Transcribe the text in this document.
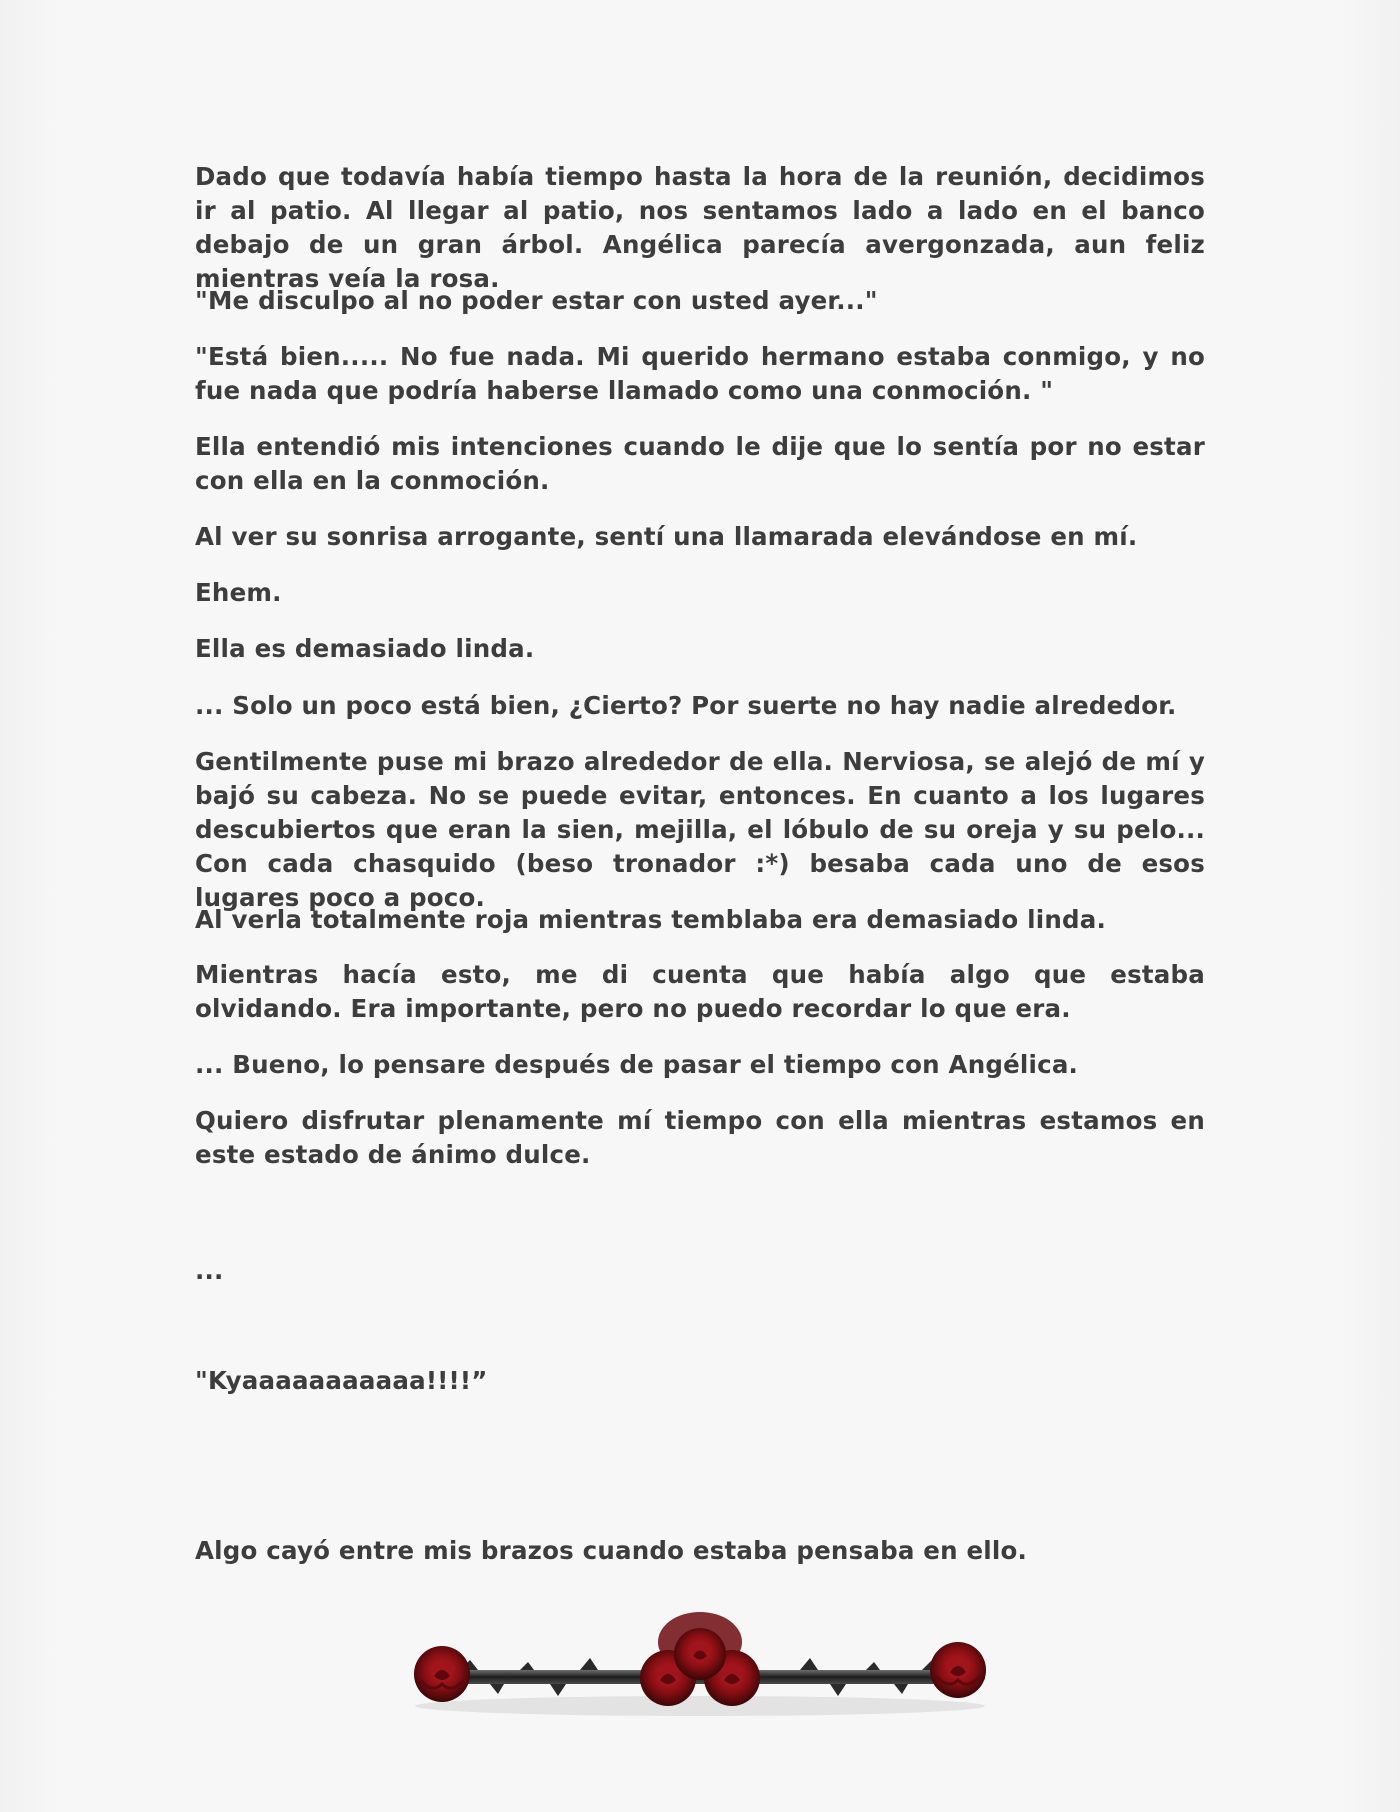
Dado que todavía había tiempo hasta la hora de la reunión, decidimos ir al patio. Al llegar al patio, nos sentamos lado a lado en el banco debajo de un gran árbol. Angélica parecía avergonzada, aun feliz mientras veía la rosa.

"Me disculpo al no poder estar con usted ayer..."

"Está bien..... No fue nada. Mi querido hermano estaba conmigo, y no fue nada que podría haberse llamado como una conmoción. "

Ella entendió mis intenciones cuando le dije que lo sentía por no estar con ella en la conmoción.

Al ver su sonrisa arrogante, sentí una llamarada elevándose en mí.

Ehem.

Ella es demasiado linda.

... Solo un poco está bien, ¿Cierto? Por suerte no hay nadie alrededor.

Gentilmente puse mi brazo alrededor de ella. Nerviosa, se alejó de mí y bajó su cabeza. No se puede evitar, entonces. En cuanto a los lugares descubiertos que eran la sien, mejilla, el lóbulo de su oreja y su pelo... Con cada chasquido (beso tronador :*) besaba cada uno de esos lugares poco a poco.

Al verla totalmente roja mientras temblaba era demasiado linda.

Mientras hacía esto, me di cuenta que había algo que estaba olvidando. Era importante, pero no puedo recordar lo que era.

... Bueno, lo pensare después de pasar el tiempo con Angélica.

Quiero disfrutar plenamente mí tiempo con ella mientras estamos en este estado de ánimo dulce.

...

"Kyaaaaaaaaaaa!!!!”

Algo cayó entre mis brazos cuando estaba pensaba en ello.
